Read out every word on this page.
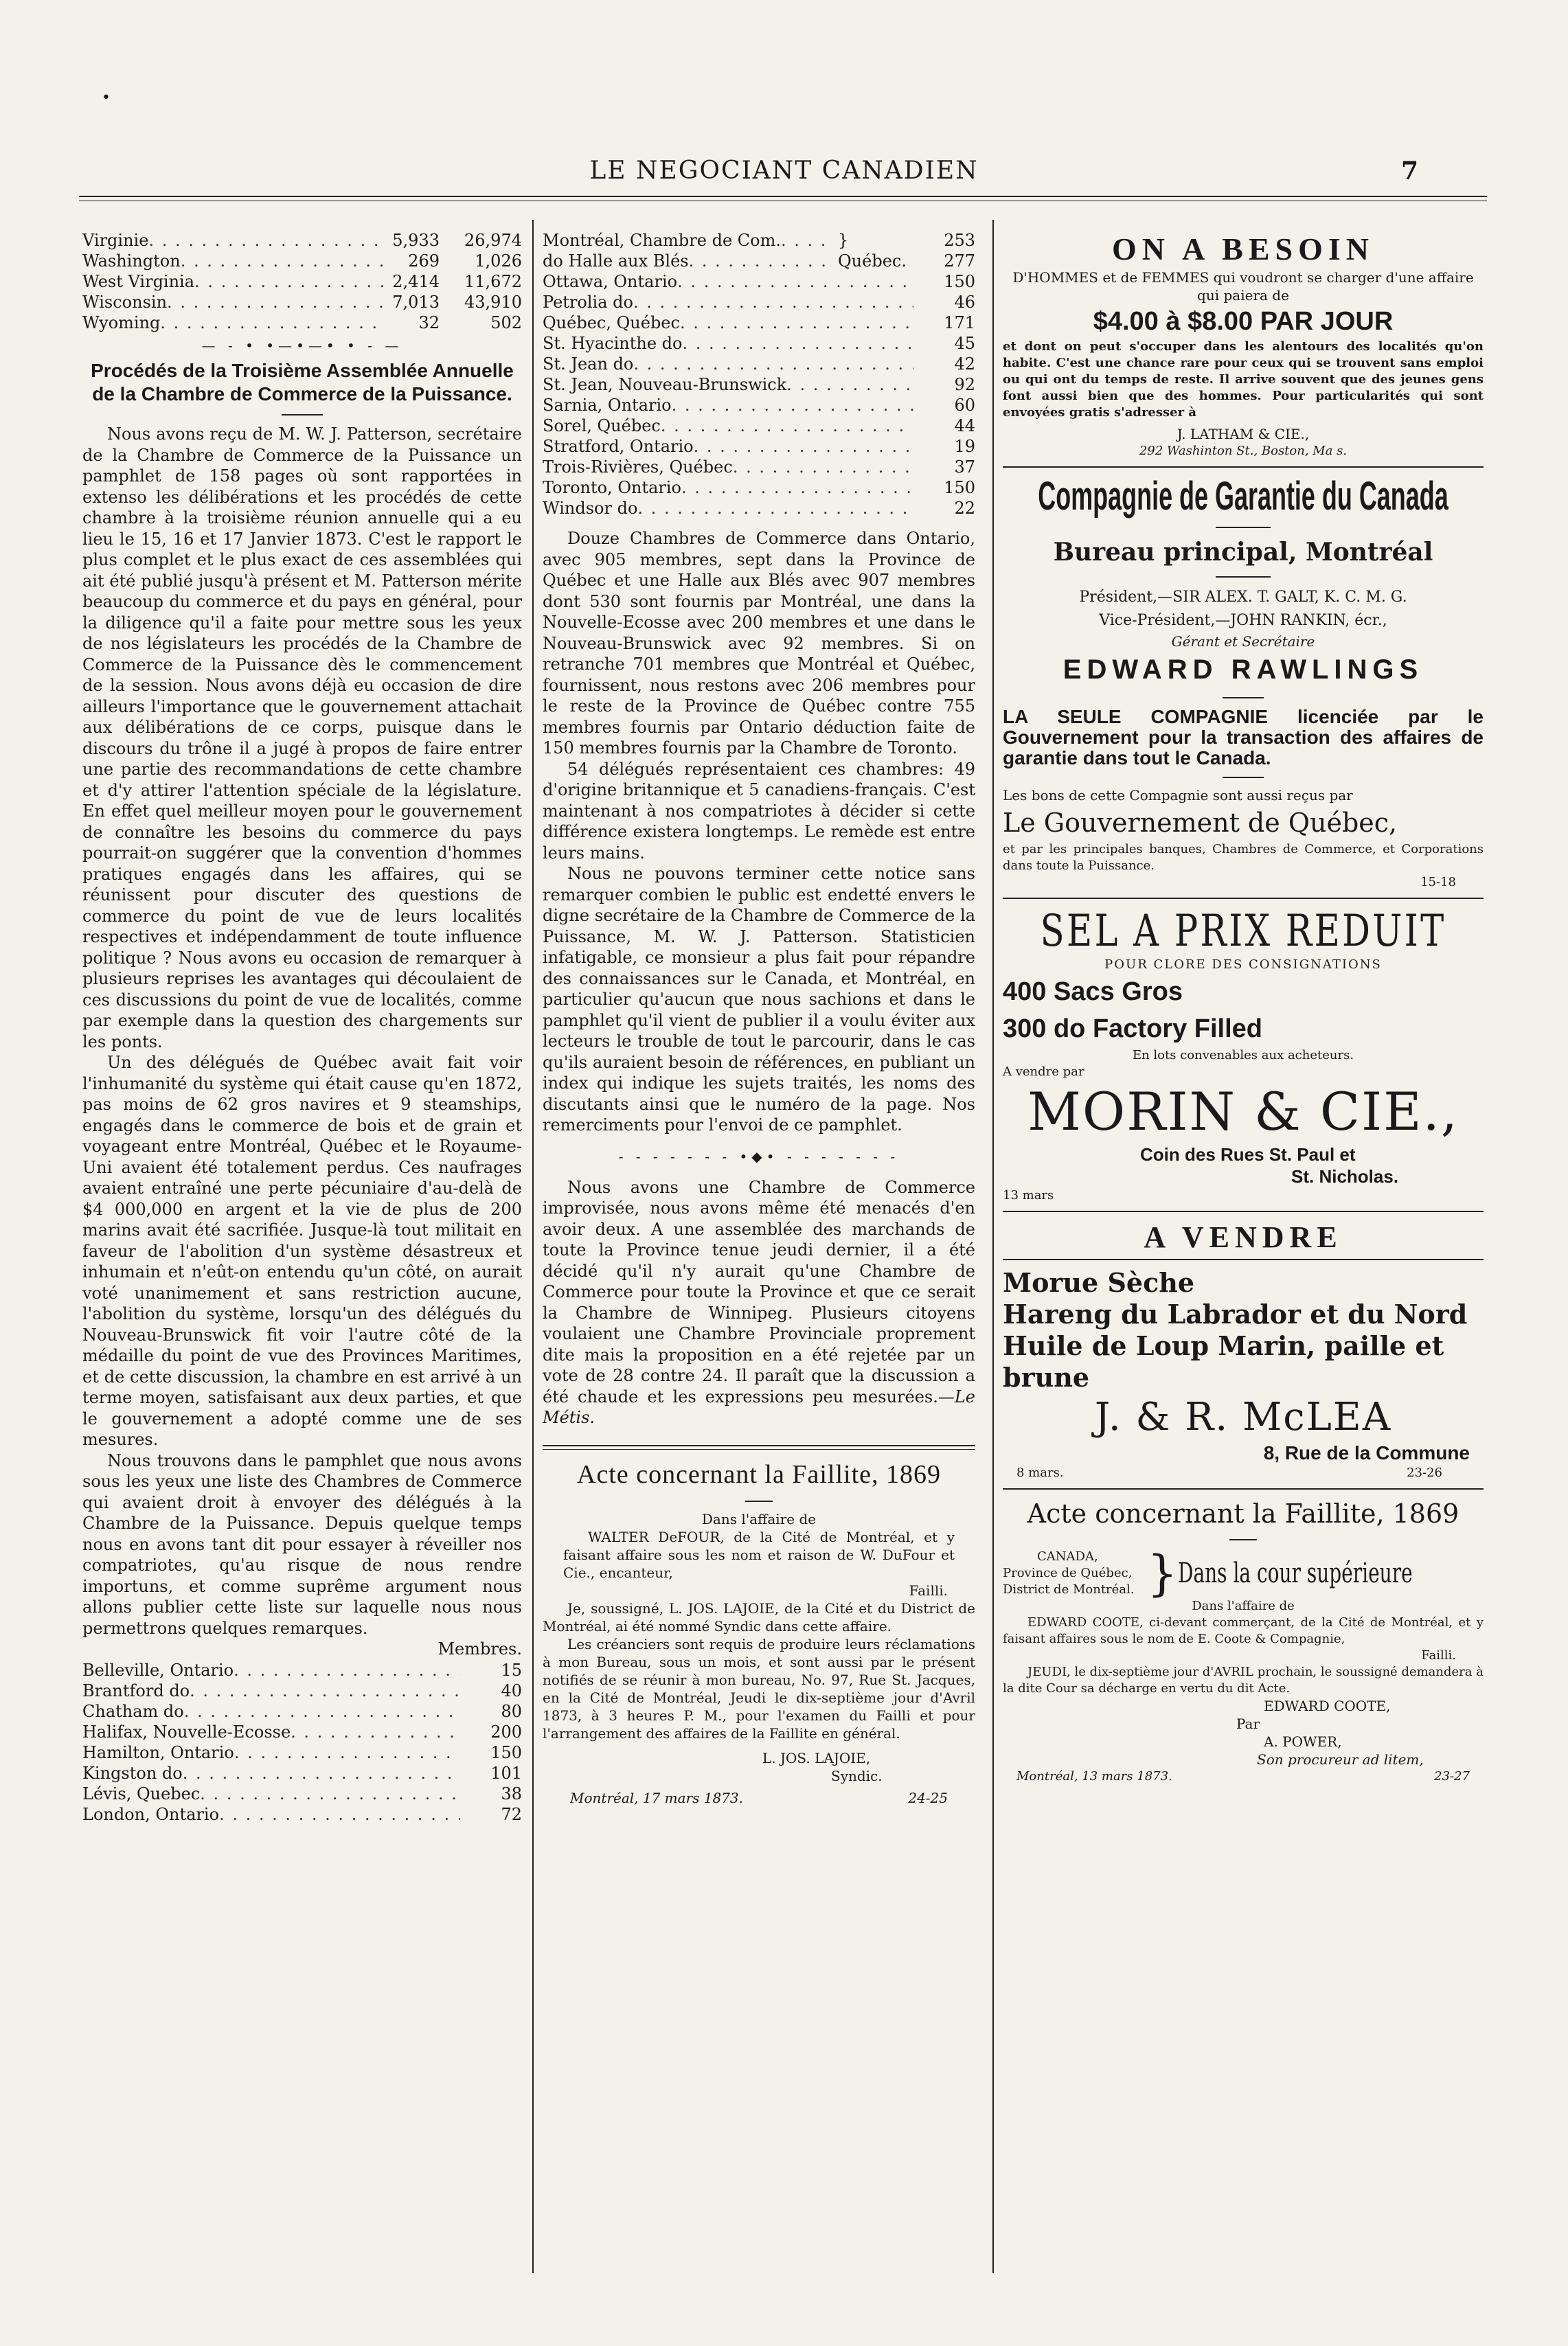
•
LE NEGOCIANT CANADIEN	7
Virginie . . .	5,933	26,974
Washington . . .	269	1,026
West Virginia . . .	2,414	11,672
Wisconsin . . .	7,013	43,910
Wyoming . . .	32	502
— - • •—•—• • - —
Procédés de la Troisième Assemblée Annuelle de la Chambre de Commerce de la Puissance.

Nous avons reçu de M. W. J. Patterson, secrétaire de la Chambre de Commerce de la Puissance un pamphlet de 158 pages où sont rapportées in extenso les délibérations et les procédés de cette chambre à la troisième réunion annuelle qui a eu lieu le 15, 16 et 17 Janvier 1873. C'est le rapport le plus complet et le plus exact de ces assemblées qui ait été publié jusqu'à présent et M. Patterson mérite beaucoup du commerce et du pays en général, pour la diligence qu'il a faite pour mettre sous les yeux de nos législateurs les procédés de la Chambre de Commerce de la Puissance dès le commencement de la session. Nous avons déjà eu occasion de dire ailleurs l'importance que le gouvernement attachait aux délibérations de ce corps, puisque dans le discours du trône il a jugé à propos de faire entrer une partie des recommandations de cette chambre et d'y attirer l'attention spéciale de la législature. En effet quel meilleur moyen pour le gouvernement de connaître les besoins du commerce du pays pourrait-on suggérer que la convention d'hommes pratiques engagés dans les affaires, qui se réunissent pour discuter des questions de commerce du point de vue de leurs localités respectives et indépendamment de toute influence politique ? Nous avons eu occasion de remarquer à plusieurs reprises les avantages qui découlaient de ces discussions du point de vue de localités, comme par exemple dans la question des chargements sur les ponts.

Un des délégués de Québec avait fait voir l'inhumanité du système qui était cause qu'en 1872, pas moins de 62 gros navires et 9 steamships, engagés dans le commerce de bois et de grain et voyageant entre Montréal, Québec et le Royaume-Uni avaient été totalement perdus. Ces naufrages avaient entraîné une perte pécuniaire d'au-delà de $4 000,000 en argent et la vie de plus de 200 marins avait été sacrifiée. Jusque-là tout militait en faveur de l'abolition d'un système désastreux et inhumain et n'eût-on entendu qu'un côté, on aurait voté unanimement et sans restriction aucune, l'abolition du système, lorsqu'un des délégués du Nouveau-Brunswick fit voir l'autre côté de la médaille du point de vue des Provinces Maritimes, et de cette discussion, la chambre en est arrivé à un terme moyen, satisfaisant aux deux parties, et que le gouvernement a adopté comme une de ses mesures.

Nous trouvons dans le pamphlet que nous avons sous les yeux une liste des Chambres de Commerce qui avaient droit à envoyer des délégués à la Chambre de la Puissance. Depuis quelque temps nous en avons tant dit pour essayer à réveiller nos compatriotes, qu'au risque de nous rendre importuns, et comme suprême argument nous allons publier cette liste sur laquelle nous nous permettrons quelques remarques.

Membres.
Belleville, Ontario . . .	15
Brantford do . . .	40
Chatham do . . .	80
Halifax, Nouvelle-Ecosse . . .	200
Hamilton, Ontario . . .	150
Kingston do . . .	101
Lévis, Quebec . . .	38
London, Ontario . . .	72
Montréal, Chambre de Com. . . .	}	253
do Halle aux Blés . . .	Québec.	277
Ottawa, Ontario . . .	150
Petrolia do . . .	46
Québec, Québec . . .	171
St. Hyacinthe do . . .	45
St. Jean do . . .	42
St. Jean, Nouveau-Brunswick . . .	92
Sarnia, Ontario . . .	60
Sorel, Québec . . .	44
Stratford, Ontario . . .	19
Trois-Rivières, Québec . . .	37
Toronto, Ontario . . .	150
Windsor do . . .	22

Douze Chambres de Commerce dans Ontario, avec 905 membres, sept dans la Province de Québec et une Halle aux Blés avec 907 membres dont 530 sont fournis par Montréal, une dans la Nouvelle-Ecosse avec 200 membres et une dans le Nouveau-Brunswick avec 92 membres. Si on retranche 701 membres que Montréal et Québec, fournissent, nous restons avec 206 membres pour le reste de la Province de Québec contre 755 membres fournis par Ontario déduction faite de 150 membres fournis par la Chambre de Toronto.

54 délégués représentaient ces chambres: 49 d'origine britannique et 5 canadiens-français. C'est maintenant à nos compatriotes à décider si cette différence existera longtemps. Le remède est entre leurs mains.

Nous ne pouvons terminer cette notice sans remarquer combien le public est endetté envers le digne secrétaire de la Chambre de Commerce de la Puissance, M. W. J. Patterson. Statisticien infatigable, ce monsieur a plus fait pour répandre des connaissances sur le Canada, et Montréal, en particulier qu'aucun que nous sachions et dans le pamphlet qu'il vient de publier il a voulu éviter aux lecteurs le trouble de tout le parcourir, dans le cas qu'ils auraient besoin de références, en publiant un index qui indique les sujets traités, les noms des discutants ainsi que le numéro de la page. Nos remerciments pour l'envoi de ce pamphlet.

- - - - - - - •◆• - - - - - - -

Nous avons une Chambre de Commerce improvisée, nous avons même été menacés d'en avoir deux. A une assemblée des marchands de toute la Province tenue jeudi dernier, il a été décidé qu'il n'y aurait qu'une Chambre de Commerce pour toute la Province et que ce serait la Chambre de Winnipeg. Plusieurs citoyens voulaient une Chambre Provinciale proprement dite mais la proposition en a été rejetée par un vote de 28 contre 24. Il paraît que la discussion a été chaude et les expressions peu mesurées.—Le Métis.

Acte concernant la Faillite, 1869
Dans l'affaire de

WALTER DeFOUR, de la Cité de Montréal, et y faisant affaire sous les nom et raison de W. DuFour et Cie., encanteur,

Failli.

Je, soussigné, L. JOS. LAJOIE, de la Cité et du District de Montréal, ai été nommé Syndic dans cette affaire.

Les créanciers sont requis de produire leurs réclamations à mon Bureau, sous un mois, et sont aussi par le présent notifiés de se réunir à mon bureau, No. 97, Rue St. Jacques, en la Cité de Montréal, Jeudi le dix-septième jour d'Avril 1873, à 3 heures P. M., pour l'examen du Failli et pour l'arrangement des affaires de la Faillite en général.

L. JOS. LAJOIE,
Syndic.
Montréal, 17 mars 1873.	24-25
ON A BESOIN

D'HOMMES et de FEMMES qui voudront se charger d'une affaire qui paiera de

$4.00 à $8.00 PAR JOUR

et dont on peut s'occuper dans les alentours des localités qu'on habite. C'est une chance rare pour ceux qui se trouvent sans emploi ou qui ont du temps de reste. Il arrive souvent que des jeunes gens font aussi bien que des hommes. Pour particularités qui sont envoyées gratis s'adresser à

J. LATHAM & CIE.,
292 Washinton St., Boston, Ma s.
Compagnie de Garantie du Canada
Bureau principal, Montréal
Président,—SIR ALEX. T. GALT, K. C. M. G.
Vice-Président,—JOHN RANKIN, écr.,
Gérant et Secrétaire
EDWARD RAWLINGS

LA SEULE COMPAGNIE licenciée par le Gouvernement pour la transaction des affaires de garantie dans tout le Canada.

Les bons de cette Compagnie sont aussi reçus par

Le Gouvernement de Québec,

et par les principales banques, Chambres de Commerce, et Corporations dans toute la Puissance.

15-18
SEL A PRIX REDUIT
POUR CLORE DES CONSIGNATIONS
400 Sacs Gros
300 do Factory Filled
En lots convenables aux acheteurs.
A vendre par
MORIN & CIE.,
Coin des Rues St. Paul et
St. Nicholas.
13 mars
A VENDRE
Morue Sèche
Hareng du Labrador et du Nord
Huile de Loup Marin, paille et brune
J. & R. McLEA
8, Rue de la Commune
8 mars.	23-26
Acte concernant la Faillite, 1869
CANADA,
Province de Québec,
District de Montréal. } Dans la cour supérieure
Dans l'affaire de

EDWARD COOTE, ci-devant commerçant, de la Cité de Montréal, et y faisant affaires sous le nom de E. Coote & Compagnie,

Failli.

JEUDI, le dix-septième jour d'AVRIL prochain, le soussigné demandera à la dite Cour sa décharge en vertu du dit Acte.

EDWARD COOTE,
Par
A. POWER,
Son procureur ad litem,
Montréal, 13 mars 1873.	23-27
